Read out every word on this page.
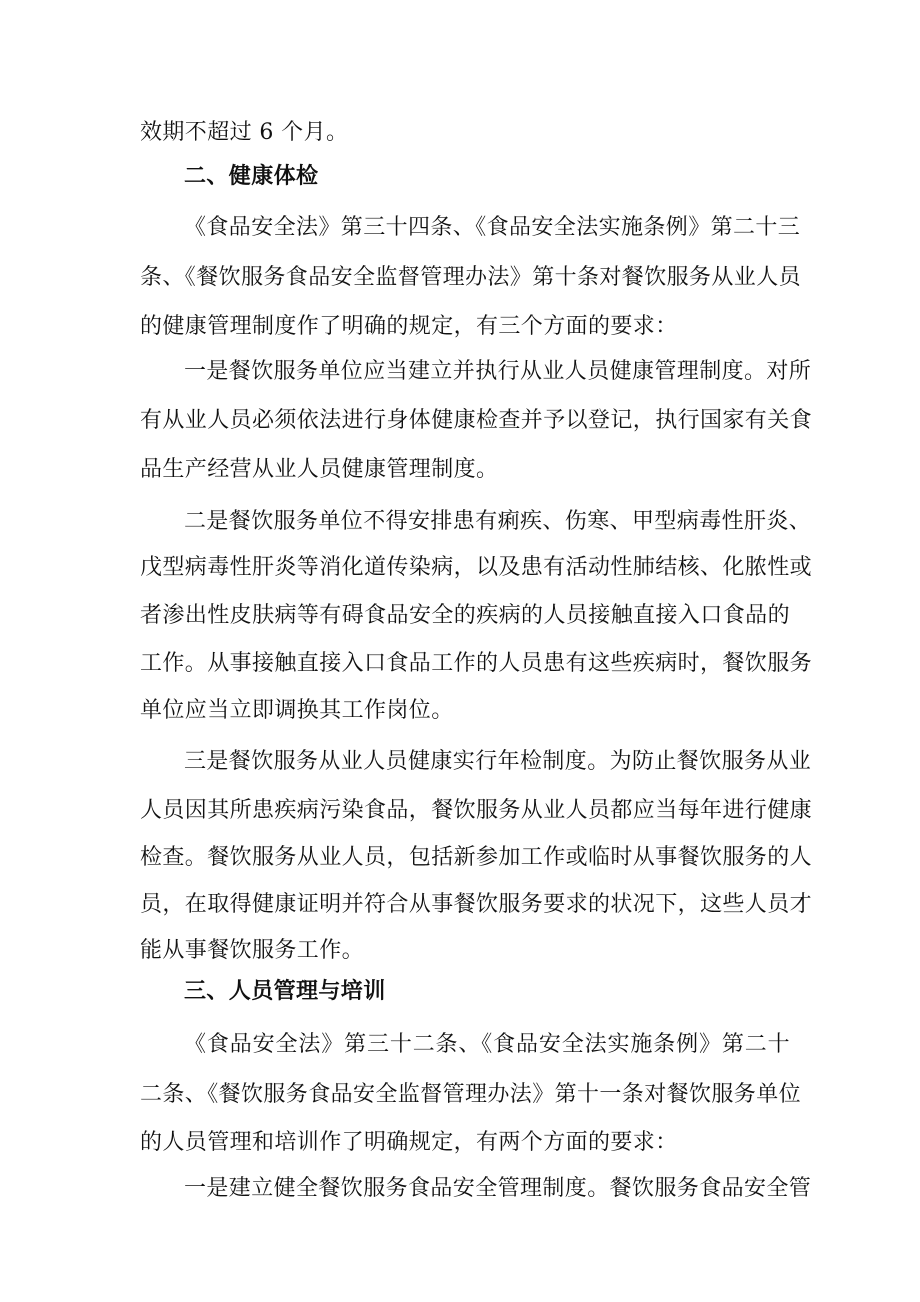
效期不超过 6 个月。
二、健康体检
《食品安全法》第三十四条、《食品安全法实施条例》第二十三
条、《餐饮服务食品安全监督管理办法》第十条对餐饮服务从业人员
的健康管理制度作了明确的规定，有三个方面的要求：
一是餐饮服务单位应当建立并执行从业人员健康管理制度。对所
有从业人员必须依法进行身体健康检查并予以登记，执行国家有关食
品生产经营从业人员健康管理制度。
二是餐饮服务单位不得安排患有痢疾、伤寒、甲型病毒性肝炎、
戊型病毒性肝炎等消化道传染病，以及患有活动性肺结核、化脓性或
者渗出性皮肤病等有碍食品安全的疾病的人员接触直接入口食品的
工作。从事接触直接入口食品工作的人员患有这些疾病时，餐饮服务
单位应当立即调换其工作岗位。
三是餐饮服务从业人员健康实行年检制度。为防止餐饮服务从业
人员因其所患疾病污染食品，餐饮服务从业人员都应当每年进行健康
检查。餐饮服务从业人员，包括新参加工作或临时从事餐饮服务的人
员，在取得健康证明并符合从事餐饮服务要求的状况下，这些人员才
能从事餐饮服务工作。
三、人员管理与培训
《食品安全法》第三十二条、《食品安全法实施条例》第二十
二条、《餐饮服务食品安全监督管理办法》第十一条对餐饮服务单位
的人员管理和培训作了明确规定，有两个方面的要求：
一是建立健全餐饮服务食品安全管理制度。餐饮服务食品安全管
